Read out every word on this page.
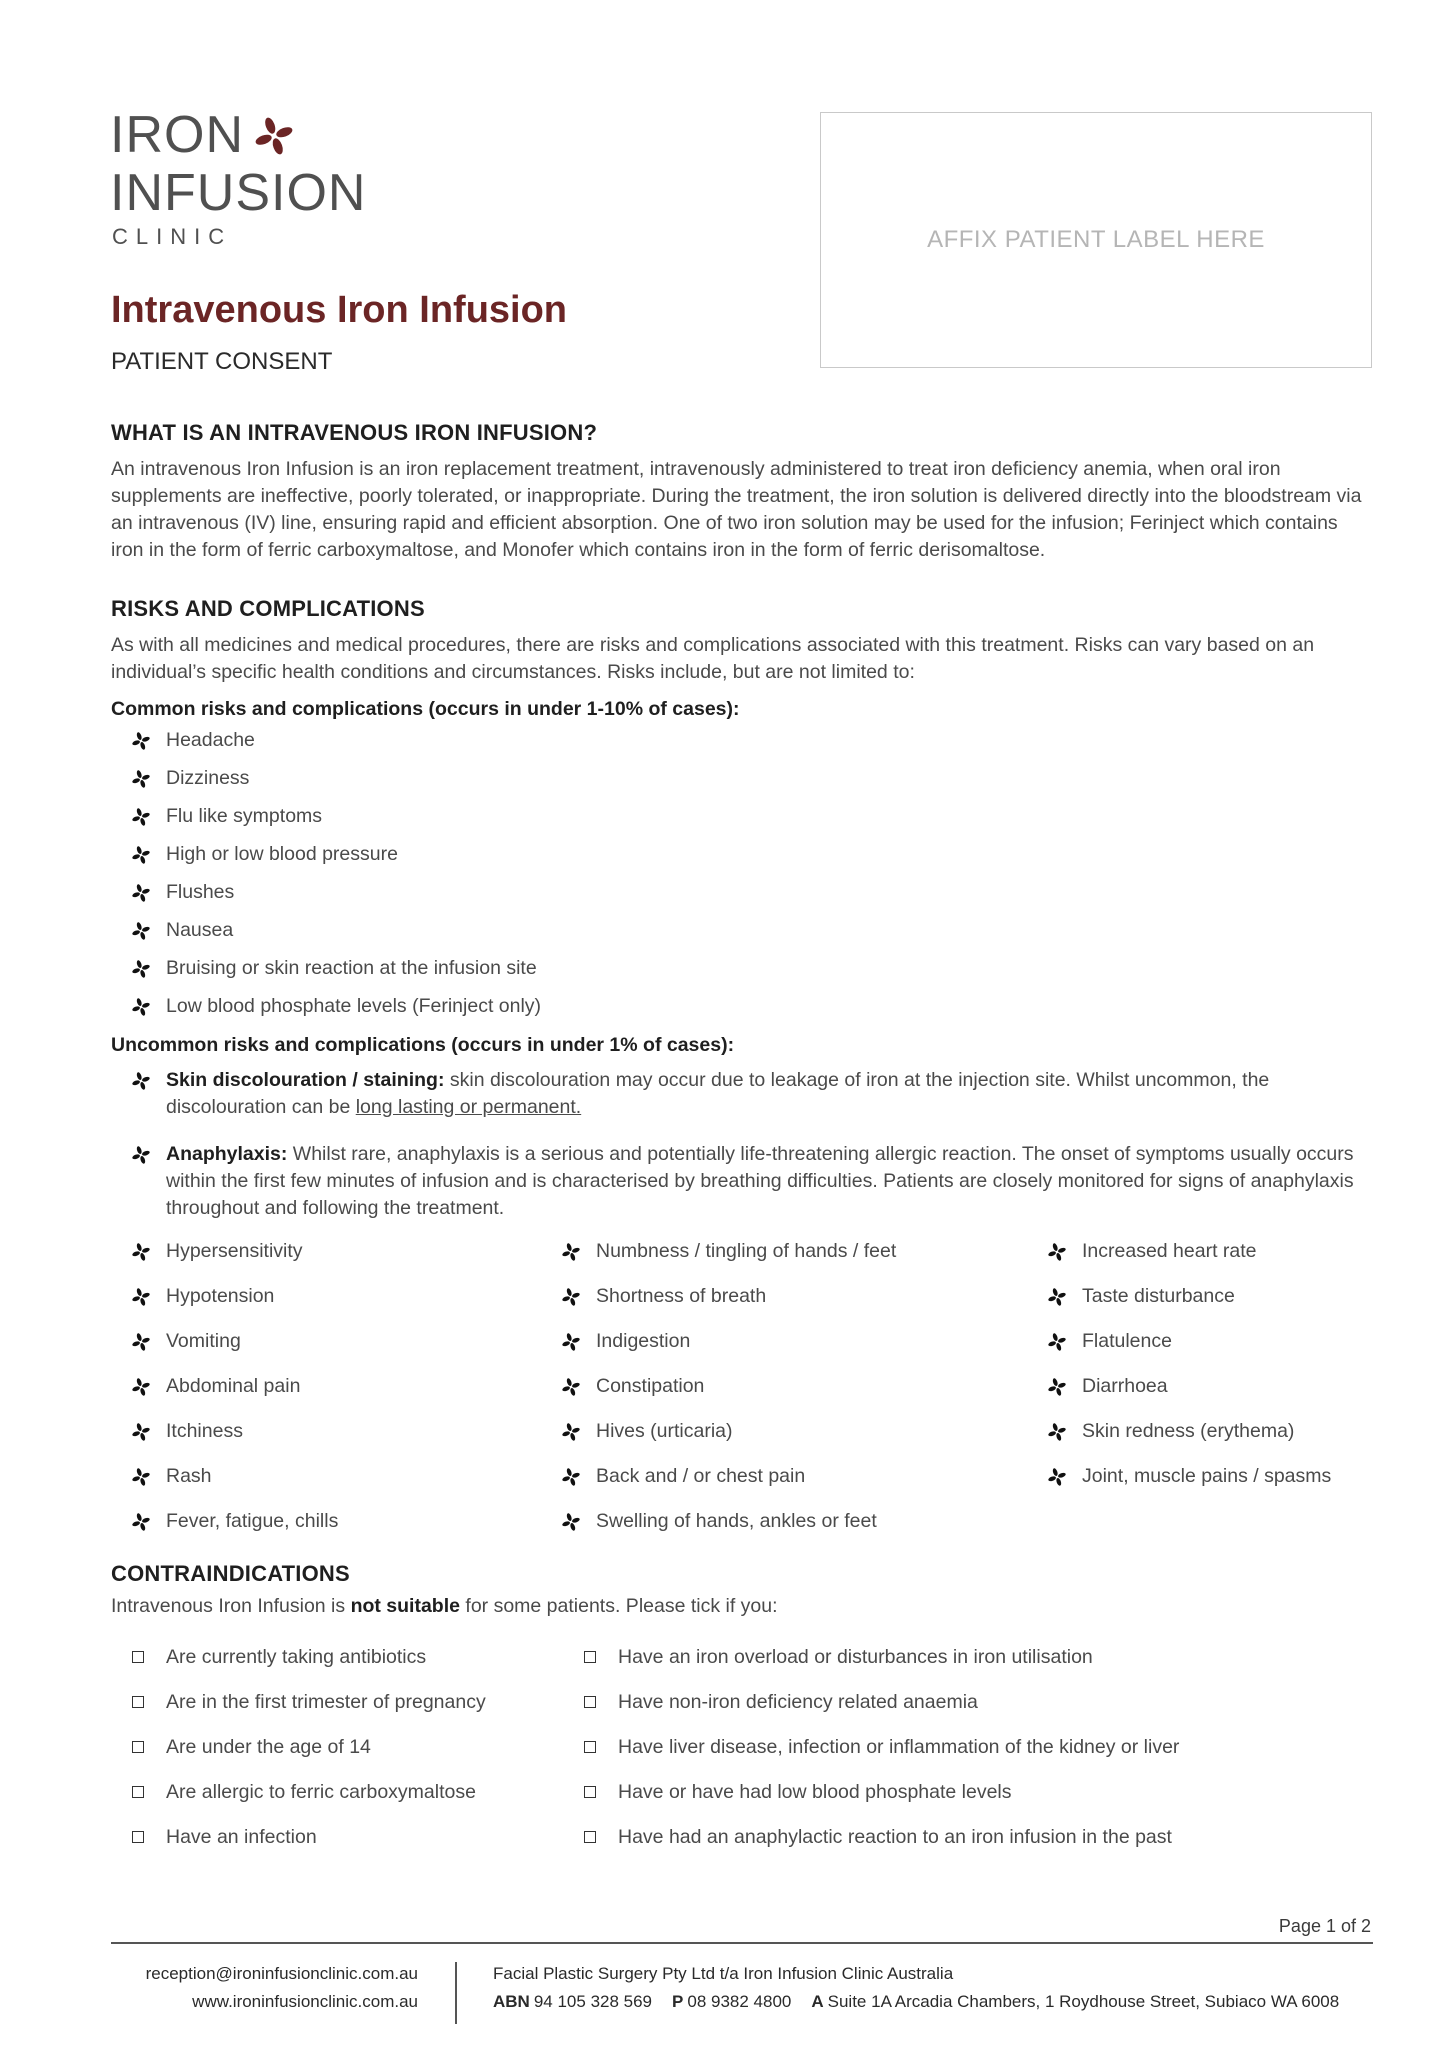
IRON
INFUSION
CLINIC	AFFIX PATIENT LABEL HERE
Intravenous Iron Infusion
PATIENT CONSENT
WHAT IS AN INTRAVENOUS IRON INFUSION?

An intravenous Iron Infusion is an iron replacement treatment, intravenously administered to treat iron deficiency anemia, when oral iron supplements are ineffective, poorly tolerated, or inappropriate. During the treatment, the iron solution is delivered directly into the bloodstream via an intravenous (IV) line, ensuring rapid and efficient absorption. One of two iron solution may be used for the infusion; Ferinject which contains iron in the form of ferric carboxymaltose, and Monofer which contains iron in the form of ferric derisomaltose.

RISKS AND COMPLICATIONS

As with all medicines and medical procedures, there are risks and complications associated with this treatment. Risks can vary based on an individual’s specific health conditions and circumstances. Risks include, but are not limited to:

Common risks and complications (occurs in under 1-10% of cases):

Headache
Dizziness
Flu like symptoms
High or low blood pressure
Flushes
Nausea
Bruising or skin reaction at the infusion site
Low blood phosphate levels (Ferinject only)

Uncommon risks and complications (occurs in under 1% of cases):

Skin discolouration / staining: skin discolouration may occur due to leakage of iron at the injection site. Whilst uncommon, the discolouration can be long lasting or permanent.
Anaphylaxis: Whilst rare, anaphylaxis is a serious and potentially life-threatening allergic reaction. The onset of symptoms usually occurs within the first few minutes of infusion and is characterised by breathing difficulties. Patients are closely monitored for signs of anaphylaxis throughout and following the treatment.
Hypersensitivity	Numbness / tingling of hands / feet	Increased heart rate
Hypotension	Shortness of breath	Taste disturbance
Vomiting	Indigestion	Flatulence
Abdominal pain	Constipation	Diarrhoea
Itchiness	Hives (urticaria)	Skin redness (erythema)
Rash	Back and / or chest pain	Joint, muscle pains / spasms
Fever, fatigue, chills	Swelling of hands, ankles or feet
CONTRAINDICATIONS

Intravenous Iron Infusion is not suitable for some patients. Please tick if you:

Are currently taking antibiotics	Have an iron overload or disturbances in iron utilisation
Are in the first trimester of pregnancy	Have non-iron deficiency related anaemia
Are under the age of 14	Have liver disease, infection or inflammation of the kidney or liver
Are allergic to ferric carboxymaltose	Have or have had low blood phosphate levels
Have an infection	Have had an anaphylactic reaction to an iron infusion in the past
Page 1 of 2
reception@ironinfusionclinic.com.au
www.ironinfusionclinic.com.au
Facial Plastic Surgery Pty Ltd t/a Iron Infusion Clinic Australia
ABN 94 105 328 569 P 08 9382 4800 A Suite 1A Arcadia Chambers, 1 Roydhouse Street, Subiaco WA 6008
